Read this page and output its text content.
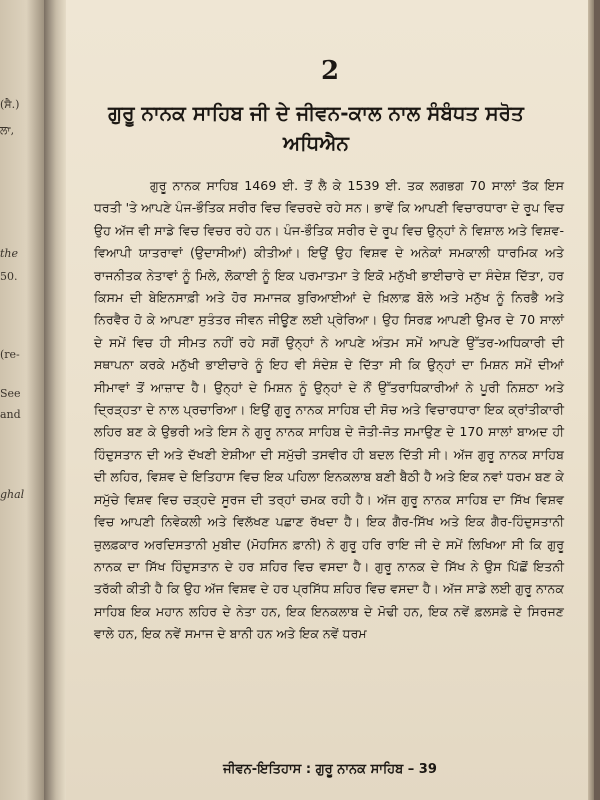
(ਸੈ.)
ਲਾ,
the
50.
(re-
See
and
ghal
2
ਗੁਰੂ ਨਾਨਕ ਸਾਹਿਬ ਜੀ ਦੇ ਜੀਵਨ-ਕਾਲ ਨਾਲ ਸੰਬੰਧਤ ਸਰੋਤ ਅਧਿਐਨ
ਗੁਰੂ ਨਾਨਕ ਸਾਹਿਬ 1469 ਈ. ਤੋਂ ਲੈ ਕੇ 1539 ਈ. ਤਕ ਲਗਭਗ 70 ਸਾਲਾਂ ਤੱਕ ਇਸ ਧਰਤੀ 'ਤੇ ਆਪਣੇ ਪੰਜ-ਭੌਤਿਕ ਸਰੀਰ ਵਿਚ ਵਿਚਰਦੇ ਰਹੇ ਸਨ। ਭਾਵੇਂ ਕਿ ਆਪਣੀ ਵਿਚਾਰਧਾਰਾ ਦੇ ਰੂਪ ਵਿਚ ਉਹ ਅੱਜ ਵੀ ਸਾਡੇ ਵਿਚ ਵਿਚਰ ਰਹੇ ਹਨ। ਪੰਜ-ਭੌਤਿਕ ਸਰੀਰ ਦੇ ਰੂਪ ਵਿਚ ਉਨ੍ਹਾਂ ਨੇ ਵਿਸ਼ਾਲ ਅਤੇ ਵਿਸ਼ਵ-ਵਿਆਪੀ ਯਾਤਰਾਵਾਂ (ਉਦਾਸੀਆਂ) ਕੀਤੀਆਂ। ਇਉਂ ਉਹ ਵਿਸ਼ਵ ਦੇ ਅਨੇਕਾਂ ਸਮਕਾਲੀ ਧਾਰਮਿਕ ਅਤੇ ਰਾਜਨੀਤਕ ਨੇਤਾਵਾਂ ਨੂੰ ਮਿਲੇ, ਲੋਕਾਈ ਨੂੰ ਇਕ ਪਰਮਾਤਮਾ ਤੇ ਇਕੋ ਮਨੁੱਖੀ ਭਾਈਚਾਰੇ ਦਾ ਸੰਦੇਸ਼ ਦਿੱਤਾ, ਹਰ ਕਿਸਮ ਦੀ ਬੇਇਨਸਾਫ਼ੀ ਅਤੇ ਹੋਰ ਸਮਾਜਕ ਬੁਰਿਆਈਆਂ ਦੇ ਖ਼ਿਲਾਫ਼ ਬੋਲੇ ਅਤੇ ਮਨੁੱਖ ਨੂੰ ਨਿਰਭੈ ਅਤੇ ਨਿਰਵੈਰ ਹੋ ਕੇ ਆਪਣਾ ਸੁਤੰਤਰ ਜੀਵਨ ਜੀਊਣ ਲਈ ਪ੍ਰੇਰਿਆ। ਉਹ ਸਿਰਫ਼ ਆਪਣੀ ਉਮਰ ਦੇ 70 ਸਾਲਾਂ ਦੇ ਸਮੇਂ ਵਿਚ ਹੀ ਸੀਮਤ ਨਹੀਂ ਰਹੇ ਸਗੋਂ ਉਨ੍ਹਾਂ ਨੇ ਆਪਣੇ ਅੰਤਮ ਸਮੇਂ ਆਪਣੇ ਉੱਤਰ-ਅਧਿਕਾਰੀ ਦੀ ਸਥਾਪਨਾ ਕਰਕੇ ਮਨੁੱਖੀ ਭਾਈਚਾਰੇ ਨੂੰ ਇਹ ਵੀ ਸੰਦੇਸ਼ ਦੇ ਦਿੱਤਾ ਸੀ ਕਿ ਉਨ੍ਹਾਂ ਦਾ ਮਿਸ਼ਨ ਸਮੇਂ ਦੀਆਂ ਸੀਮਾਵਾਂ ਤੋਂ ਆਜ਼ਾਦ ਹੈ। ਉਨ੍ਹਾਂ ਦੇ ਮਿਸ਼ਨ ਨੂੰ ਉਨ੍ਹਾਂ ਦੇ ਨੌਂ ਉੱਤਰਾਧਿਕਾਰੀਆਂ ਨੇ ਪੂਰੀ ਨਿਸ਼ਠਾ ਅਤੇ ਦ੍ਰਿੜ੍ਹਤਾ ਦੇ ਨਾਲ ਪ੍ਰਚਾਰਿਆ। ਇਉਂ ਗੁਰੂ ਨਾਨਕ ਸਾਹਿਬ ਦੀ ਸੋਚ ਅਤੇ ਵਿਚਾਰਧਾਰਾ ਇਕ ਕ੍ਰਾਂਤੀਕਾਰੀ ਲਹਿਰ ਬਣ ਕੇ ਉਭਰੀ ਅਤੇ ਇਸ ਨੇ ਗੁਰੂ ਨਾਨਕ ਸਾਹਿਬ ਦੇ ਜੋਤੀ-ਜੋਤ ਸਮਾਉਣ ਦੇ 170 ਸਾਲਾਂ ਬਾਅਦ ਹੀ ਹਿੰਦੁਸਤਾਨ ਦੀ ਅਤੇ ਦੱਖਣੀ ਏਸ਼ੀਆ ਦੀ ਸਮੁੱਚੀ ਤਸਵੀਰ ਹੀ ਬਦਲ ਦਿੱਤੀ ਸੀ। ਅੱਜ ਗੁਰੂ ਨਾਨਕ ਸਾਹਿਬ ਦੀ ਲਹਿਰ, ਵਿਸ਼ਵ ਦੇ ਇਤਿਹਾਸ ਵਿਚ ਇਕ ਪਹਿਲਾ ਇਨਕਲਾਬ ਬਣੀ ਬੈਠੀ ਹੈ ਅਤੇ ਇਕ ਨਵਾਂ ਧਰਮ ਬਣ ਕੇ ਸਮੁੱਚੇ ਵਿਸ਼ਵ ਵਿਚ ਚੜ੍ਹਦੇ ਸੂਰਜ ਦੀ ਤਰ੍ਹਾਂ ਚਮਕ ਰਹੀ ਹੈ। ਅੱਜ ਗੁਰੂ ਨਾਨਕ ਸਾਹਿਬ ਦਾ ਸਿੱਖ ਵਿਸ਼ਵ ਵਿਚ ਆਪਣੀ ਨਿਵੇਕਲੀ ਅਤੇ ਵਿਲੱਖਣ ਪਛਾਣ ਰੱਖਦਾ ਹੈ। ਇਕ ਗੈਰ-ਸਿੱਖ ਅਤੇ ਇਕ ਗੈਰ-ਹਿੰਦੁਸਤਾਨੀ ਜ਼ੁਲਫ਼ਕਾਰ ਅਰਦਿਸਤਾਨੀ ਮੁਬੀਦ (ਮੋਹਸਿਨ ਫ਼ਾਨੀ) ਨੇ ਗੁਰੂ ਹਰਿ ਰਾਇ ਜੀ ਦੇ ਸਮੇਂ ਲਿਖਿਆ ਸੀ ਕਿ ਗੁਰੂ ਨਾਨਕ ਦਾ ਸਿੱਖ ਹਿੰਦੁਸਤਾਨ ਦੇ ਹਰ ਸ਼ਹਿਰ ਵਿਚ ਵਸਦਾ ਹੈ। ਗੁਰੂ ਨਾਨਕ ਦੇ ਸਿੱਖ ਨੇ ਉਸ ਪਿੱਛੋਂ ਇਤਨੀ ਤਰੱਕੀ ਕੀਤੀ ਹੈ ਕਿ ਉਹ ਅੱਜ ਵਿਸ਼ਵ ਦੇ ਹਰ ਪ੍ਰਸਿੱਧ ਸ਼ਹਿਰ ਵਿਚ ਵਸਦਾ ਹੈ। ਅੱਜ ਸਾਡੇ ਲਈ ਗੁਰੂ ਨਾਨਕ ਸਾਹਿਬ ਇਕ ਮਹਾਨ ਲਹਿਰ ਦੇ ਨੇਤਾ ਹਨ, ਇਕ ਇਨਕਲਾਬ ਦੇ ਮੋਢੀ ਹਨ, ਇਕ ਨਵੇਂ ਫ਼ਲਸਫ਼ੇ ਦੇ ਸਿਰਜਣ ਵਾਲੇ ਹਨ, ਇਕ ਨਵੇਂ ਸਮਾਜ ਦੇ ਬਾਨੀ ਹਨ ਅਤੇ ਇਕ ਨਵੇਂ ਧਰਮ
ਜੀਵਨ-ਇਤਿਹਾਸ : ਗੁਰੂ ਨਾਨਕ ਸਾਹਿਬ – 39
